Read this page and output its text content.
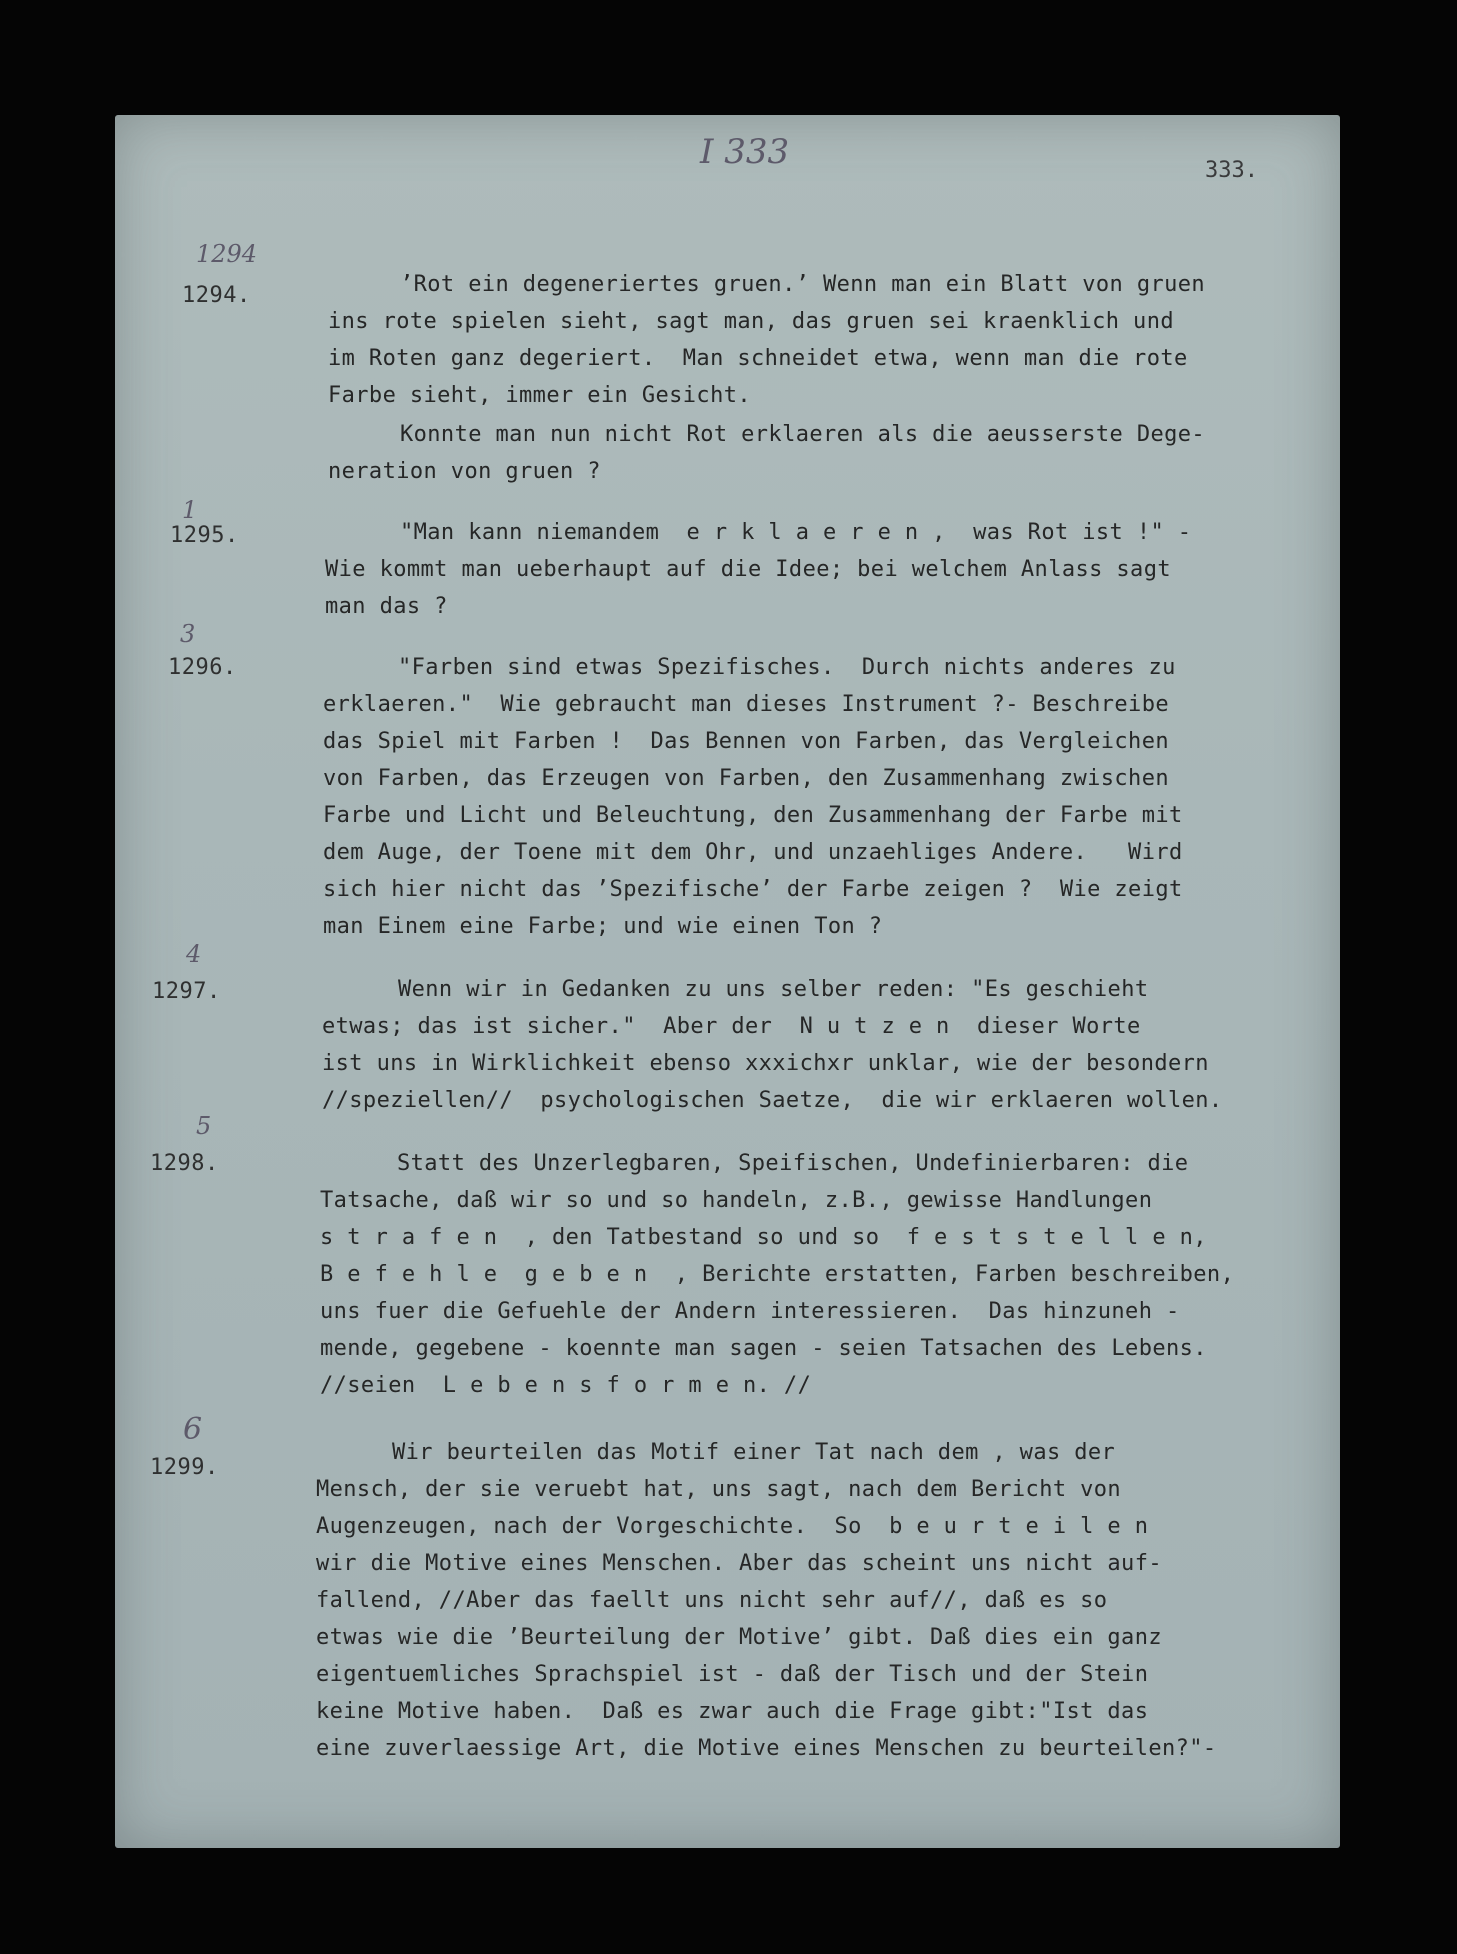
I 333	333.
1294
1294.	’Rot ein degeneriertes gruen.’ Wenn man ein Blatt von gruen
ins rote spielen sieht, sagt man, das gruen sei kraenklich und
im Roten ganz degeriert.  Man schneidet etwa, wenn man die rote
Farbe sieht, immer ein Gesicht.
Konnte man nun nicht Rot erklaeren als die aeusserste Dege-
neration von gruen ?
1
1295.	"Man kann niemandem  e r k l a e r e n ,  was Rot ist !" -
Wie kommt man ueberhaupt auf die Idee; bei welchem Anlass sagt
man das ?
3
1296.	"Farben sind etwas Spezifisches.  Durch nichts anderes zu
erklaeren."  Wie gebraucht man dieses Instrument ?- Beschreibe
das Spiel mit Farben !  Das Bennen von Farben, das Vergleichen
von Farben, das Erzeugen von Farben, den Zusammenhang zwischen
Farbe und Licht und Beleuchtung, den Zusammenhang der Farbe mit
dem Auge, der Toene mit dem Ohr, und unzaehliges Andere.   Wird
sich hier nicht das ’Spezifische’ der Farbe zeigen ?  Wie zeigt
man Einem eine Farbe; und wie einen Ton ?
4
1297.	Wenn wir in Gedanken zu uns selber reden: "Es geschieht
etwas; das ist sicher."  Aber der  N u t z e n  dieser Worte
ist uns in Wirklichkeit ebenso xxxichxr unklar, wie der besondern
//speziellen//  psychologischen Saetze,  die wir erklaeren wollen.
5
1298.	Statt des Unzerlegbaren, Speifischen, Undefinierbaren: die
Tatsache, daß wir so und so handeln, z.B., gewisse Handlungen
s t r a f e n  , den Tatbestand so und so  f e s t s t e l l e n,
B e f e h l e  g e b e n  , Berichte erstatten, Farben beschreiben,
uns fuer die Gefuehle der Andern interessieren.  Das hinzuneh -
mende, gegebene - koennte man sagen - seien Tatsachen des Lebens.
//seien  L e b e n s f o r m e n. //
6
1299.
Wir beurteilen das Motif einer Tat nach dem , was der
Mensch, der sie veruebt hat, uns sagt, nach dem Bericht von
Augenzeugen, nach der Vorgeschichte.  So  b e u r t e i l e n
wir die Motive eines Menschen. Aber das scheint uns nicht auf-
fallend, //Aber das faellt uns nicht sehr auf//, daß es so
etwas wie die ’Beurteilung der Motive’ gibt. Daß dies ein ganz
eigentuemliches Sprachspiel ist - daß der Tisch und der Stein
keine Motive haben.  Daß es zwar auch die Frage gibt:"Ist das
eine zuverlaessige Art, die Motive eines Menschen zu beurteilen?"-
